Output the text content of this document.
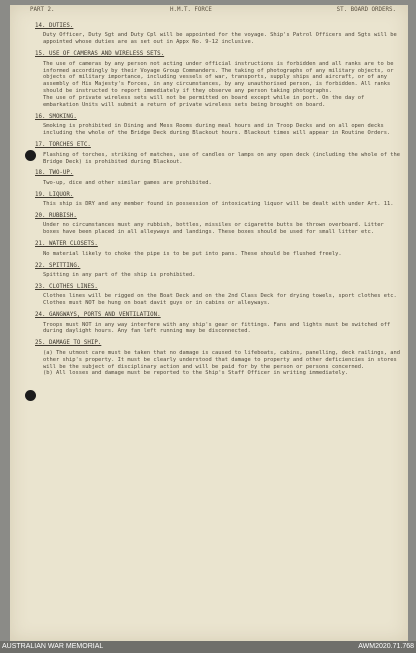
PART 2.	H.M.T. FORCE	ST. BOARD ORDERS.
14. DUTIES.
Duty Officer, Duty Sgt and Duty Cpl will be appointed for the voyage. Ship's Patrol Officers and Sgts will be appointed whose duties are as set out in Appx No. 9-12 inclusive.
15. USE OF CAMERAS AND WIRELESS SETS.
The use of cameras by any person not acting under official instructions is forbidden and all ranks are to be informed accordingly by their Voyage Group Commanders. The taking of photographs of any military objects, or objects of military importance, including vessels of war, transports, supply ships and aircraft, or of any assembly of His Majesty's Forces, in any circumstances, by any unauthorised person, is forbidden. All ranks should be instructed to report immediately if they observe any person taking photographs.
The use of private wireless sets will not be permitted on board except while in port. On the day of embarkation Units will submit a return of private wireless sets being brought on board.
16. SMOKING.
Smoking is prohibited in Dining and Mess Rooms during meal hours and in Troop Decks and on all open decks including the whole of the Bridge Deck during Blackout hours. Blackout times will appear in Routine Orders.
17. TORCHES ETC.
Flashing of torches, striking of matches, use of candles or lamps on any open deck (including the whole of the Bridge Deck) is prohibited during Blackout.
18. TWO-UP.
Two-up, dice and other similar games are prohibited.
19. LIQUOR.
This ship is DRY and any member found in possession of intoxicating liquor will be dealt with under Art. 11.
20. RUBBISH.
Under no circumstances must any rubbish, bottles, missiles or cigarette butts be thrown overboard. Litter boxes have been placed in all alleyways and landings. These boxes should be used for small litter etc.
21. WATER CLOSETS.
No material likely to choke the pipe is to be put into pans. These should be flushed freely.
22. SPITTING.
Spitting in any part of the ship is prohibited.
23. CLOTHES LINES.
Clothes lines will be rigged on the Boat Deck and on the 2nd Class Deck for drying towels, sport clothes etc. Clothes must NOT be hung on boat davit guys or in cabins or alleyways.
24. GANGWAYS, PORTS AND VENTILATION.
Troops must NOT in any way interfere with any ship's gear or fittings. Fans and lights must be switched off during daylight hours. Any fan left running may be disconnected.
25. DAMAGE TO SHIP.
(a) The utmost care must be taken that no damage is caused to lifeboats, cabins, panelling, deck railings, and other ship's property. It must be clearly understood that damage to property and other deficiencies in stores will be the subject of disciplinary action and will be paid for by the person or persons concerned.
(b) All losses and damage must be reported to the Ship's Staff Officer in writing immediately.
AUSTRALIAN WAR MEMORIAL	AWM2020.71.768
